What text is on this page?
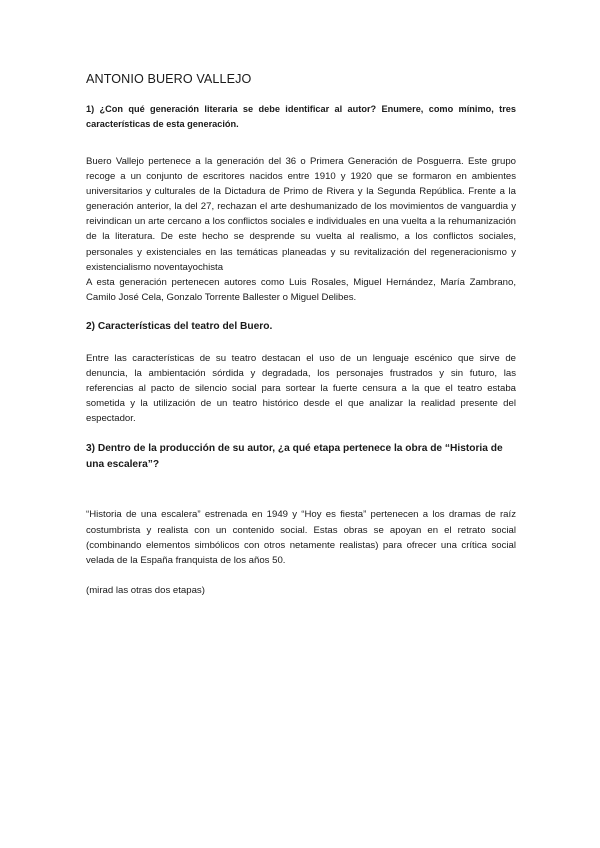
ANTONIO BUERO VALLEJO

1) ¿Con qué generación literaria se debe identificar al autor? Enumere, como mínimo, tres características de esta generación.

Buero Vallejo pertenece a la generación del 36 o Primera Generación de Posguerra. Este grupo recoge a un conjunto de escritores nacidos entre 1910 y 1920 que se formaron en ambientes universitarios y culturales de la Dictadura de Primo de Rivera y la Segunda República. Frente a la generación anterior, la del 27, rechazan el arte deshumanizado de los movimientos de vanguardia y reivindican un arte cercano a los conflictos sociales e individuales en una vuelta a la rehumanización de la literatura. De este hecho se desprende su vuelta al realismo, a los conflictos sociales, personales y existenciales en las temáticas planeadas y su revitalización del regeneracionismo y existencialismo noventayochista

A esta generación pertenecen autores como Luis Rosales, Miguel Hernández, María Zambrano, Camilo José Cela, Gonzalo Torrente Ballester o Miguel Delibes.

2) Características del teatro del Buero.

Entre las características de su teatro destacan el uso de un lenguaje escénico que sirve de denuncia, la ambientación sórdida y degradada, los personajes frustrados y sin futuro, las referencias al pacto de silencio social para sortear la fuerte censura a la que el teatro estaba sometida y la utilización de un teatro histórico desde el que analizar la realidad presente del espectador.

3) Dentro de la producción de su autor, ¿a qué etapa pertenece la obra de “Historia de una escalera”?

“Historia de una escalera” estrenada en 1949 y “Hoy es fiesta” pertenecen a los dramas de raíz costumbrista y realista con un contenido social. Estas obras se apoyan en el retrato social (combinando elementos simbólicos con otros netamente realistas) para ofrecer una crítica social velada de la España franquista de los años 50.

(mirad las otras dos etapas)
